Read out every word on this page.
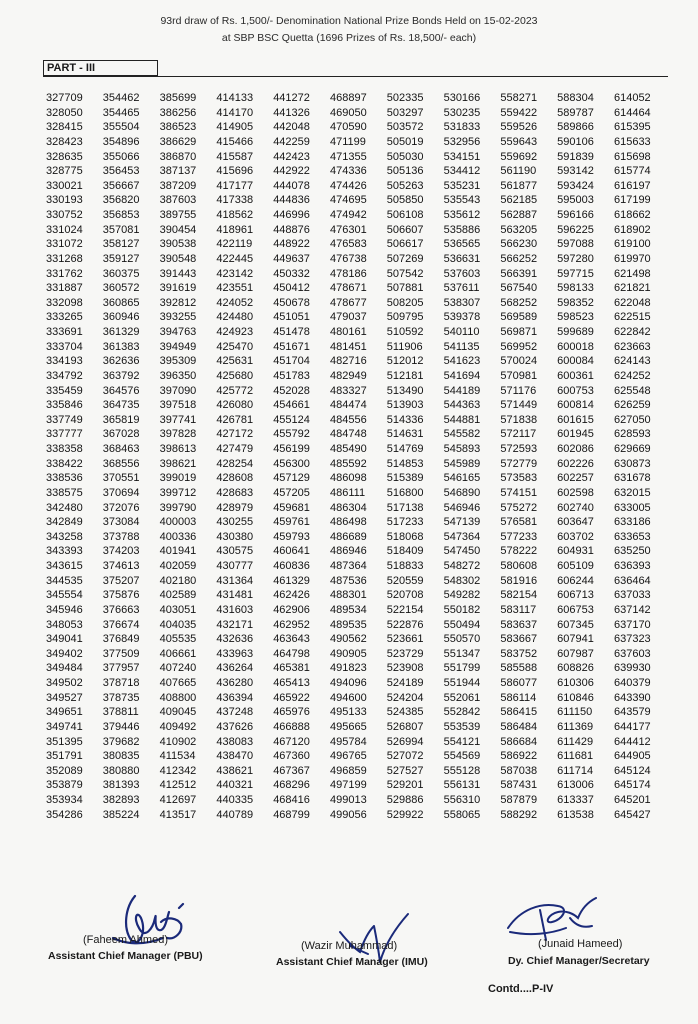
93rd draw of Rs. 1,500/- Denomination National Prize Bonds Held on 15-02-2023
at SBP BSC Quetta (1696 Prizes of Rs. 18,500/- each)
PART - III
327709
328050
328415
328423
328635
328775
330021
330193
330752
331024
331072
331268
331762
331887
332098
333265
333691
333704
334193
334792
335459
335846
337749
337777
338358
338422
338536
338575
342480
342849
343258
343393
343615
344535
345554
345946
348053
349041
349402
349484
349502
349527
349651
349741
351395
351791
352089
353879
353934
354286
354462
354465
355504
354896
355066
356453
356667
356820
356853
357081
358127
359127
360375
360572
360865
360946
361329
361383
362636
363792
364576
364735
365819
367028
368463
368556
370551
370694
372076
373084
373788
374203
374613
375207
375876
376663
376674
376849
377509
377957
378718
378735
378811
379446
379682
380835
380880
381393
382893
385224
385699
386256
386523
386629
386870
387137
387209
387603
389755
390454
390538
390548
391443
391619
392812
393255
394763
394949
395309
396350
397090
397518
397741
397828
398613
398621
399019
399712
399790
400003
400336
401941
402059
402180
402589
403051
404035
405535
406661
407240
407665
408800
409045
409492
410902
411534
412342
412512
412697
413517
414133
414170
414905
415466
415587
415696
417177
417338
418562
418961
422119
422445
423142
423551
424052
424480
424923
425470
425631
425680
425772
426080
426781
427172
427479
428254
428608
428683
428979
430255
430380
430575
430777
431364
431481
431603
432171
432636
433963
436264
436280
436394
437248
437626
438083
438470
438621
440321
440335
440789
441272
441326
442048
442259
442423
442922
444078
444836
446996
448876
448922
449637
450332
450412
450678
451051
451478
451671
451704
451783
452028
454661
455124
455792
456199
456300
457129
457205
459681
459761
459793
460641
460836
461329
462426
462906
462952
463643
464798
465381
465413
465922
465976
466888
467120
467360
467367
468296
468416
468799
468897
469050
470590
471199
471355
474336
474426
474695
474942
476301
476583
476738
478186
478671
478677
479037
480161
481451
482716
482949
483327
484474
484556
484748
485490
485592
486098
486111
486304
486498
486689
486946
487364
487536
488301
489534
489535
490562
490905
491823
494096
494600
495133
495665
495784
496765
496859
497199
499013
499056
502335
503297
503572
505019
505030
505136
505263
505850
506108
506607
506617
507269
507542
507881
508205
509795
510592
511906
512012
512181
513490
513903
514336
514631
514769
514853
515389
516800
517138
517233
518068
518409
518833
520559
520708
522154
522876
523661
523729
523908
524189
524204
524385
526807
526994
527072
527527
529201
529886
529922
530166
530235
531833
532956
534151
534412
535231
535543
535612
535886
536565
536631
537603
537611
538307
539378
540110
541135
541623
541694
544189
544363
544881
545582
545893
545989
546165
546890
546946
547139
547364
547450
548272
548302
549282
550182
550494
550570
551347
551799
551944
552061
552842
553539
554121
554569
555128
556131
556310
558065
558271
559422
559526
559643
559692
561190
561877
562185
562887
563205
566230
566252
566391
567540
568252
569589
569871
569952
570024
570981
571176
571449
571838
572117
572593
572779
573583
574151
575272
576581
577233
578222
580608
581916
582154
583117
583637
583667
583752
585588
586077
586114
586415
586484
586684
586922
587038
587431
587879
588292
588304
589787
589866
590106
591839
593142
593424
595003
596166
596225
597088
597280
597715
598133
598352
598523
599689
600018
600084
600361
600753
600814
601615
601945
602086
602226
602257
602598
602740
603647
603702
604931
605109
606244
606713
606753
607345
607941
607987
608826
610306
610846
611150
611369
611429
611681
611714
613006
613337
613538
614052
614464
615395
615633
615698
615774
616197
617199
618662
618902
619100
619970
621498
621821
622048
622515
622842
623663
624143
624252
625548
626259
627050
628593
629669
630873
631678
632015
633005
633186
633653
635250
636393
636464
637033
637142
637170
637323
637603
639930
640379
643390
643579
644177
644412
644905
645124
645174
645201
645427
(Faheem Ahmed)
Assistant Chief Manager (PBU)
(Wazir Muhammad)
Assistant Chief Manager (IMU)
(Junaid Hameed)
Dy. Chief Manager/Secretary
Contd....P-IV
